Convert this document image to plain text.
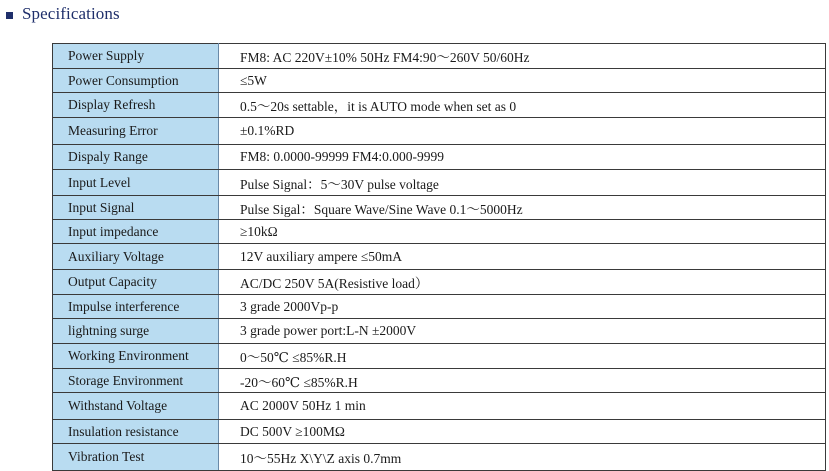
Specifications
Power Supply	FM8: AC 220V±10% 50Hz FM4:90～260V 50/60Hz
Power Consumption	≤5W
Display Refresh	0.5～20s settable，it is AUTO mode when set as 0
Measuring Error	±0.1%RD
Dispaly Range	FM8: 0.0000-99999 FM4:0.000-9999
Input Level	Pulse Signal：5～30V pulse voltage
Input Signal	Pulse Sigal：Square Wave/Sine Wave 0.1～5000Hz
Input impedance	≥10kΩ
Auxiliary Voltage	12V auxiliary ampere ≤50mA
Output Capacity	AC/DC 250V 5A(Resistive load）
Impulse interference	3 grade 2000Vp-p
lightning surge	3 grade power port:L-N ±2000V
Working Environment	0～50℃ ≤85%R.H
Storage Environment	-20～60℃ ≤85%R.H
Withstand Voltage	AC 2000V 50Hz 1 min
Insulation resistance	DC 500V ≥100MΩ
Vibration Test	10～55Hz X\Y\Z axis 0.7mm
